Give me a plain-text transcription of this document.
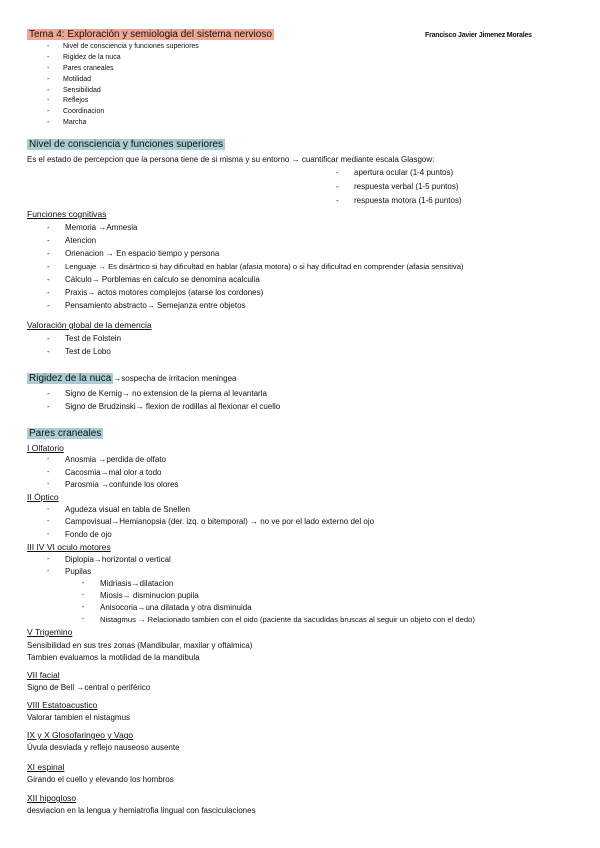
Tema 4: Exploración y semiologia del sistema nervioso	Francisco Javier Jimenez Morales
- Nivel de consciencia y funciones superiores
- Rigidez de la nuca
- Pares craneales
- Motilidad
- Sensibilidad
- Reflejos
- Coordinacion
- Marcha
Nivel de consciencia y funciones superiores
Es el estado de percepcion que la persona tiene de si misma y su entorno → cuantificar mediante escala Glasgow:
- apertura ocular (1-4 puntos)
- respuesta verbal (1-5 puntos)
- respuesta motora (1-6 puntos)
Funciones cognitivas
- Memoria →Amnesia
- Atencion
- Orienacion → En espacio tiempo y persona
- Lenguaje → Es disártrico si hay dificultad en hablar (afasia motora) o si hay dificultad en comprender (afasia sensitiva)
- Cálculo→ Porblemas en calculo se denomina acalculia
- Praxis→ actos motores complejos (atarse los cordones)
- Pensamiento abstracto→ Semejanza entre objetos
Valoración global de la demencia
- Test de Folstein
- Test de Lobo
Rigidez de la nuca →sospecha de irritacion meningea
- Signo de Kernig→ no extension de la pierna al levantarla
- Signo de Brudzinski→ flexion de rodillas al flexionar el cuello
Pares craneales
I Olfatorio
- Anosmia →perdida de olfato
- Cacosmia→mal olor a todo
- Parosmia →confunde los olores
II Óptico
- Agudeza visual en tabla de Snellen
- Campovisual→Hemianopsia (der. izq. o bitemporal) → no ve por el lado externo del ojo
- Fondo de ojo
III IV VI oculo motores
- Diplopia→horizontal o vertical
- Pupilas
- Midriasis→dilatacion
- Miosis→ disminucion pupila
- Anisocoria→una dilatada y otra disminuida
- Nistagmus → Relacionado tambien con el oido (paciente da sacudidas bruscas al seguir un objeto con el dedo)
V Trigemino
Sensibilidad en sus tres zonas (Mandibular, maxilar y oftalmica)
Tambien evaluamos la motilidad de la mandibula
VII facial
Signo de Bell →central o periférico
VIII Estatoacustico
Valorar tambien el nistagmus
IX y X Glosofaringeo y Vago
Úvula desviada y reflejo nauseoso ausente
XI espinal
Girando el cuello y elevando los hombros
XII hipogloso
desviacion en la lengua y hemiatrofia lingual con fasciculaciones
